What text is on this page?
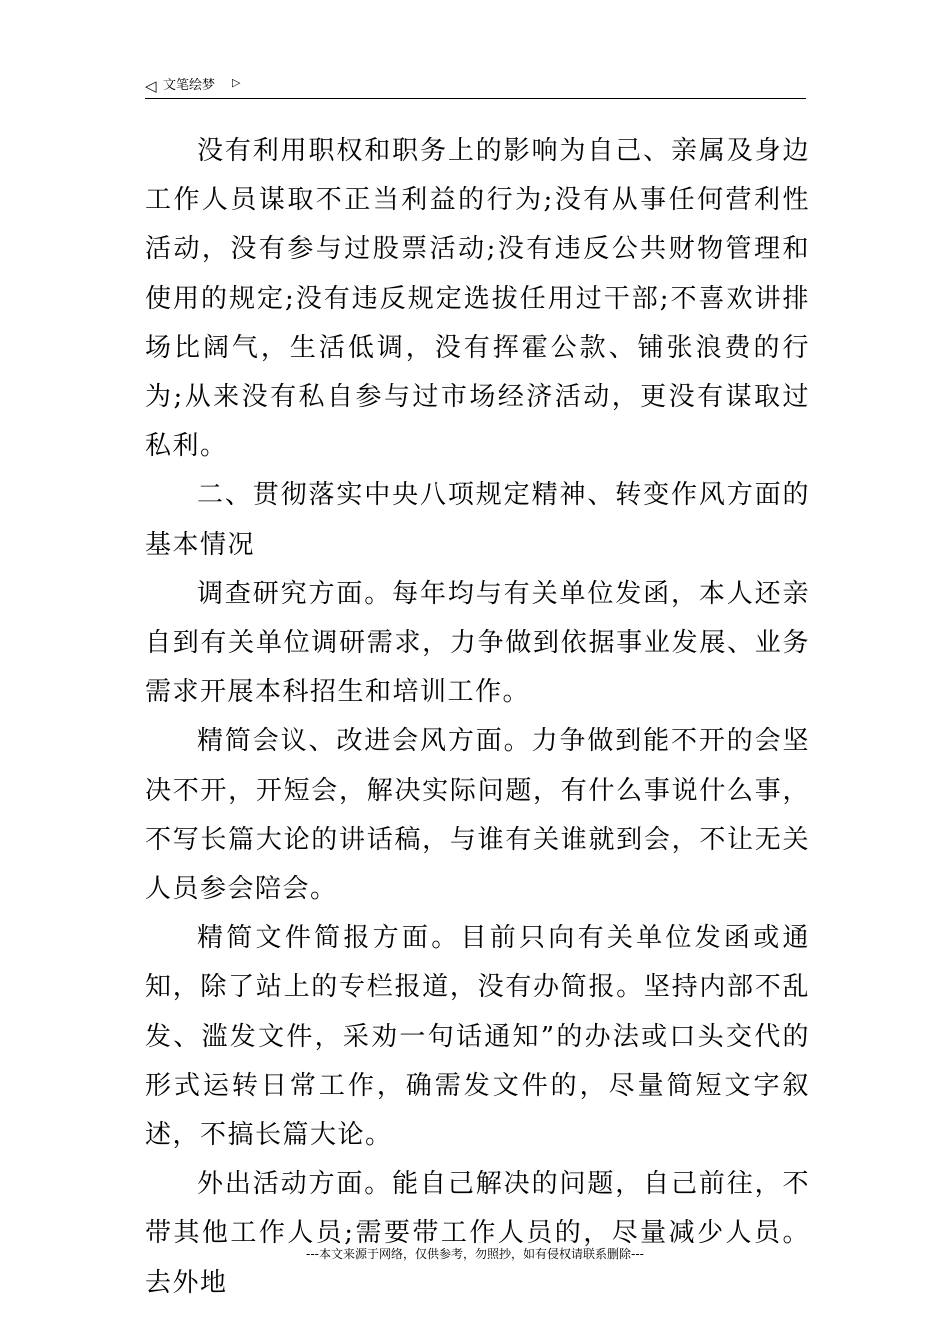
◁ 文笔绘梦 ▷

没有利用职权和职务上的影响为自己、亲属及身边工作人员谋取不正当利益的行为;没有从事任何营利性活动，没有参与过股票活动;没有违反公共财物管理和使用的规定;没有违反规定选拔任用过干部;不喜欢讲排场比阔气，生活低调，没有挥霍公款、铺张浪费的行为;从来没有私自参与过市场经济活动，更没有谋取过私利。

二、贯彻落实中央八项规定精神、转变作风方面的基本情况

调查研究方面。每年均与有关单位发函，本人还亲自到有关单位调研需求，力争做到依据事业发展、业务需求开展本科招生和培训工作。

精简会议、改进会风方面。力争做到能不开的会坚决不开，开短会，解决实际问题，有什么事说什么事，不写长篇大论的讲话稿，与谁有关谁就到会，不让无关人员参会陪会。

精简文件简报方面。目前只向有关单位发函或通知，除了站上的专栏报道，没有办简报。坚持内部不乱发、滥发文件，采劝一句话通知”的办法或口头交代的形式运转日常工作，确需发文件的，尽量简短文字叙述，不搞长篇大论。

外出活动方面。能自己解决的问题，自己前往，不带其他工作人员;需要带工作人员的，尽量减少人员。去外地

---本文来源于网络，仅供参考，勿照抄，如有侵权请联系删除---
